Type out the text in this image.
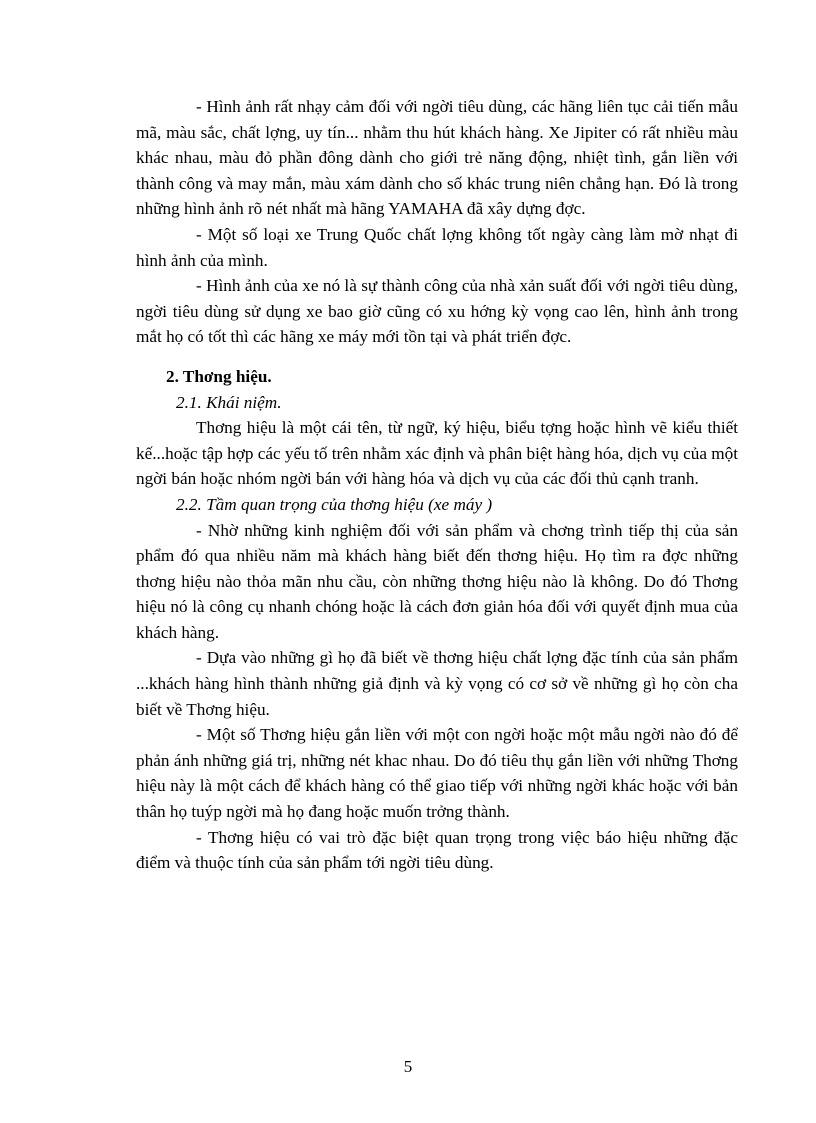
- Hình ảnh rất nhạy cảm đối với ngời tiêu dùng, các hãng liên tục cải tiến mẫu mã, màu sắc, chất lợng, uy tín... nhằm thu hút khách hàng. Xe Jipiter có rất nhiều màu khác nhau, màu đỏ phần đông dành cho giới trẻ năng động, nhiệt tình, gắn liền với thành công và may mắn, màu xám dành cho số khác trung niên chẳng hạn. Đó là trong những hình ảnh rõ nét nhất mà hãng YAMAHA đã xây dựng đợc.

- Một số loại xe Trung Quốc chất lợng không tốt ngày càng làm mờ nhạt đi hình ảnh của mình.

- Hình ảnh của xe nó là sự thành công của nhà xản suất đối với ngời tiêu dùng, ngời tiêu dùng sử dụng xe bao giờ cũng có xu hớng kỳ vọng cao lên, hình ảnh trong mắt họ có tốt thì các hãng xe máy mới tồn tại và phát triển đợc.

2. Thơng hiệu.

2.1. Khái niệm.

Thơng hiệu là một cái tên, từ ngữ, ký hiệu, biểu tợng hoặc hình vẽ kiểu thiết kế...hoặc tập hợp các yếu tố trên nhằm xác định và phân biệt hàng hóa, dịch vụ của một ngời bán hoặc nhóm ngời bán với hàng hóa và dịch vụ của các đối thủ cạnh tranh.

2.2. Tầm quan trọng của thơng hiệu (xe máy )

- Nhờ những kinh nghiệm đối với sản phẩm và chơng trình tiếp thị của sản phẩm đó qua nhiều năm mà khách hàng biết đến thơng hiệu. Họ tìm ra đợc những thơng hiệu nào thỏa mãn nhu cầu, còn những thơng hiệu nào là không. Do đó Thơng hiệu nó là công cụ nhanh chóng hoặc là cách đơn giản hóa đối với quyết định mua của khách hàng.

- Dựa vào những gì họ đã biết về thơng hiệu chất lợng đặc tính của sản phẩm ...khách hàng hình thành những giả định và kỳ vọng có cơ sở về những gì họ còn cha biết về Thơng hiệu.

- Một số Thơng hiệu gắn liền với một con ngời hoặc một mẫu ngời nào đó để phản ánh những giá trị, những nét khac nhau. Do đó tiêu thụ gắn liền với những Thơng hiệu này là một cách để khách hàng có thể giao tiếp với những ngời khác hoặc với bản thân họ tuýp ngời mà họ đang hoặc muốn trởng thành.

- Thơng hiệu có vai trò đặc biệt quan trọng trong việc báo hiệu những đặc điểm và thuộc tính của sản phẩm tới ngời tiêu dùng.

5
